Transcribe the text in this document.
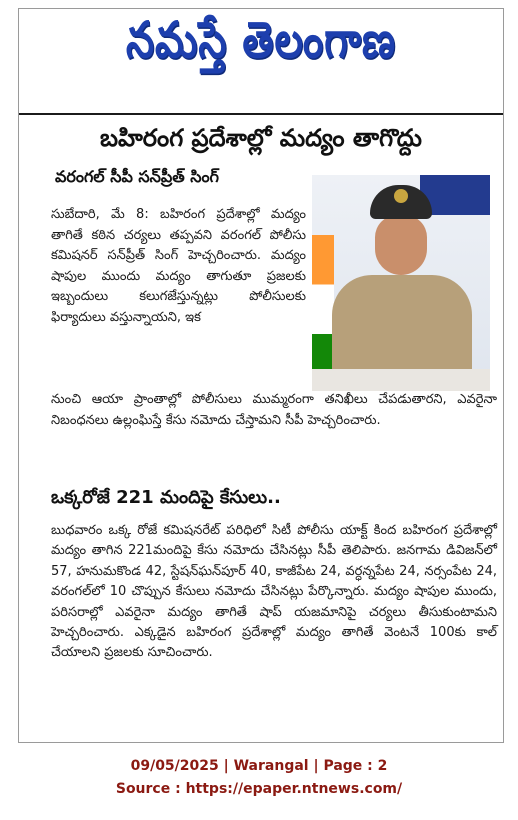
నమస్తే తెలంగాణ
బహిరంగ ప్రదేశాల్లో మద్యం తాగొద్దు
వరంగల్ సీపీ సన్‌ప్రీత్ సింగ్
సుబేదారి, మే 8: బహిరంగ ప్రదేశాల్లో మద్యం తాగితే కఠిన చర్యలు తప్పవని వరంగల్ పోలీసు కమిషనర్ సన్‌ప్రీత్ సింగ్ హెచ్చరించారు. మద్యం షాపుల ముందు మద్యం తాగుతూ ప్రజలకు ఇబ్బందులు కలుగజేస్తున్నట్లు పోలీసులకు ఫిర్యాదులు వస్తున్నాయని, ఇక
నుంచి ఆయా ప్రాంతాల్లో పోలీసులు ముమ్మరంగా తనిఖీలు చేపడుతారని, ఎవరైనా నిబంధనలు ఉల్లంఘిస్తే కేసు నమోదు చేస్తామని సీపీ హెచ్చరించారు.
ఒక్కరోజే 221 మందిపై కేసులు..
బుధవారం ఒక్క రోజే కమిషనరేట్ పరిధిలో సిటీ పోలీసు యాక్ట్ కింద బహిరంగ ప్రదేశాల్లో మద్యం తాగిన 221మందిపై కేసు నమోదు చేసినట్లు సీపీ తెలిపారు. జనగామ డివిజన్‌లో 57, హనుమకొండ 42, స్టేషన్‌ఘన్‌పూర్ 40, కాజీపేట 24, వర్ధన్నపేట 24, నర్సంపేట 24, వరంగల్‌లో 10 చొప్పున కేసులు నమోదు చేసినట్లు పేర్కొన్నారు. మద్యం షాపుల ముందు, పరిసరాల్లో ఎవరైనా మద్యం తాగితే షాప్ యజమానిపై చర్యలు తీసుకుంటామని హెచ్చరించారు. ఎక్కడైన బహిరంగ ప్రదేశాల్లో మద్యం తాగితే వెంటనే 100కు కాల్ చేయాలని ప్రజలకు సూచించారు.
09/05/2025 | Warangal | Page : 2
Source : https://epaper.ntnews.com/
